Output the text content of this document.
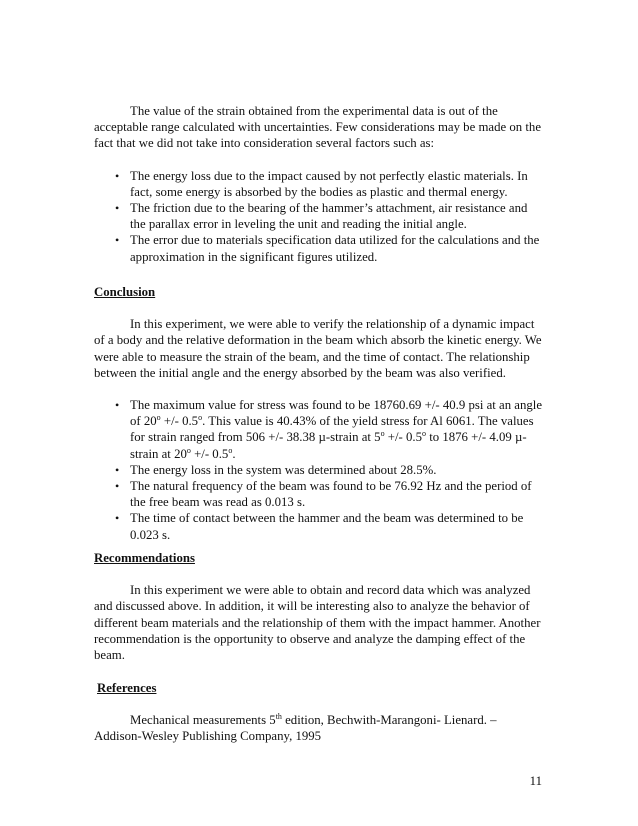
The value of the strain obtained from the experimental data is out of the acceptable range calculated with uncertainties. Few considerations may be made on the fact that we did not take into consideration several factors such as:

• The energy loss due to the impact caused by not perfectly elastic materials. In fact, some energy is absorbed by the bodies as plastic and thermal energy.
• The friction due to the bearing of the hammer’s attachment, air resistance and the parallax error in leveling the unit and reading the initial angle.
• The error due to materials specification data utilized for the calculations and the approximation in the significant figures utilized.

Conclusion

In this experiment, we were able to verify the relationship of a dynamic impact of a body and the relative deformation in the beam which absorb the kinetic energy. We were able to measure the strain of the beam, and the time of contact. The relationship between the initial angle and the energy absorbed by the beam was also verified.

• The maximum value for stress was found to be 18760.69 +/- 40.9 psi at an angle of $20^o$ +/- 0.5$^o$. This value is 40.43% of the yield stress for Al 6061. The values for strain ranged from 506 +/- 38.38 µ-strain at $5^o$ +/- 0.5$^o$ to 1876 +/- 4.09 µ-strain at $20^o$ +/- 0.5$^o$.
• The energy loss in the system was determined about 28.5%.
• The natural frequency of the beam was found to be 76.92 Hz and the period of the free beam was read as 0.013 s.
• The time of contact between the hammer and the beam was determined to be 0.023 s.

Recommendations

In this experiment we were able to obtain and record data which was analyzed and discussed above. In addition, it will be interesting also to analyze the behavior of different beam materials and the relationship of them with the impact hammer. Another recommendation is the opportunity to observe and analyze the damping effect of the beam.

References

Mechanical measurements 5th edition, Bechwith-Marangoni- Lienard. –Addison-Wesley Publishing Company, 1995

11
